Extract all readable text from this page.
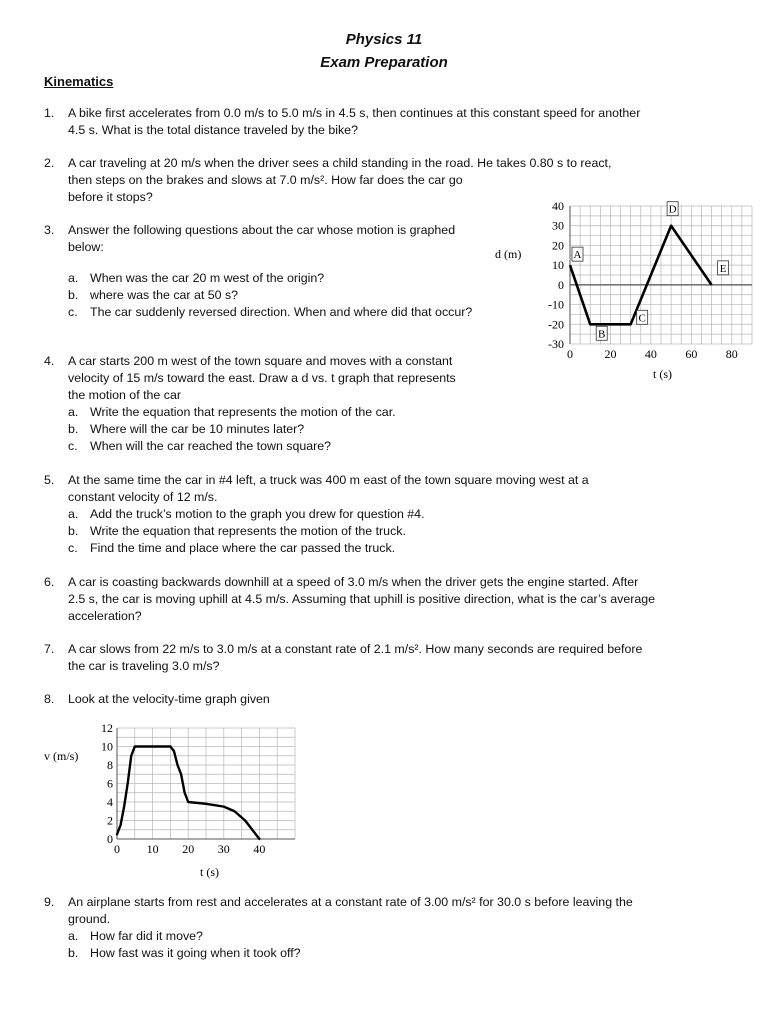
Physics 11
Exam Preparation
Kinematics
1.	A bike first accelerates from 0.0 m/s to 5.0 m/s in 4.5 s, then continues at this constant speed for another 4.5 s. What is the total distance traveled by the bike?
2.	A car traveling at 20 m/s when the driver sees a child standing in the road. He takes 0.80 s to react,
then steps on the brakes and slows at 7.0 m/s². How far does the car go
before it stops?
3.	Answer the following questions about the car whose motion is graphed
below:
a. When was the car 20 m west of the origin?
b. where was the car at 50 s?
c. The car suddenly reversed direction. When and where did that occur?
4.	A car starts 200 m west of the town square and moves with a constant
velocity of 15 m/s toward the east. Draw a d vs. t graph that represents
the motion of the car
a. Write the equation that represents the motion of the car.
b. Where will the car be 10 minutes later?
c. When will the car reached the town square?
5.	At the same time the car in #4 left, a truck was 400 m east of the town square moving west at a constant velocity of 12 m/s.
a. Add the truck’s motion to the graph you drew for question #4.
b. Write the equation that represents the motion of the truck.
c. Find the time and place where the car passed the truck.
6.	A car is coasting backwards downhill at a speed of 3.0 m/s when the driver gets the engine started. After 2.5 s, the car is moving uphill at 4.5 m/s. Assuming that uphill is positive direction, what is the car’s average acceleration?
7.	A car slows from 22 m/s to 3.0 m/s at a constant rate of 2.1 m/s². How many seconds are required before the car is traveling 3.0 m/s?
8.	Look at the velocity-time graph given
9.	An airplane starts from rest and accelerates at a constant rate of 3.00 m/s² for 30.0 s before leaving the ground.
a. How far did it move?
b. How fast was it going when it took off?
40
30
20
10
0
-10
-20
-30
0	20 40 60 80
A
B
C
D
E
d (m)
t (s)
12
10
8
6
4
2
0
0 10 20 30 40
v (m/s)
t (s)
